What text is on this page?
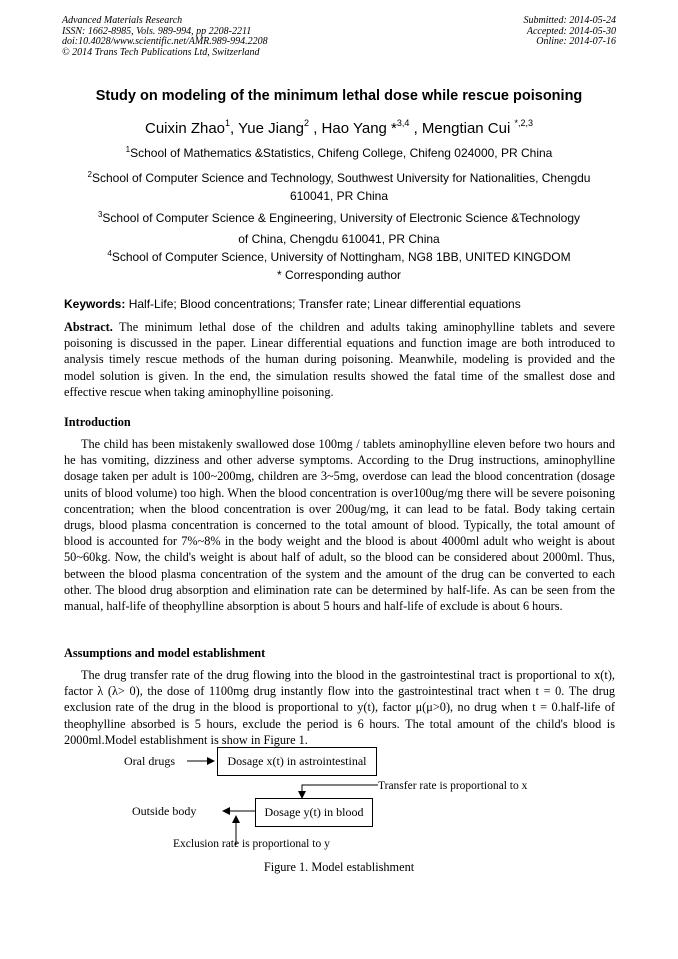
Advanced Materials Research
ISSN: 1662-8985, Vols. 989-994, pp 2208-2211
doi:10.4028/www.scientific.net/AMR.989-994.2208
© 2014 Trans Tech Publications Ltd, Switzerland
Submitted: 2014-05-24
Accepted: 2014-05-30
Online: 2014-07-16
Study on modeling of the minimum lethal dose while rescue poisoning
Cuixin Zhao$^1$, Yue Jiang$^2$ , Hao Yang *$^{3,4}$ , Mengtian Cui $^{*,2,3}$
$^1$School of Mathematics &Statistics, Chifeng College, Chifeng 024000, PR China
$^2$School of Computer Science and Technology, Southwest University for Nationalities, Chengdu
610041, PR China
$^3$School of Computer Science & Engineering, University of Electronic Science &Technology
of China, Chengdu 610041, PR China
$^4$School of Computer Science, University of Nottingham, NG8 1BB, UNITED KINGDOM
* Corresponding author
Keywords: Half-Life; Blood concentrations; Transfer rate; Linear differential equations
Abstract. The minimum lethal dose of the children and adults taking aminophylline tablets and severe poisoning is discussed in the paper. Linear differential equations and function image are both introduced to analysis timely rescue methods of the human during poisoning. Meanwhile, modeling is provided and the model solution is given. In the end, the simulation results showed the fatal time of the smallest dose and effective rescue when taking aminophylline poisoning.
Introduction
The child has been mistakenly swallowed dose 100mg / tablets aminophylline eleven before two hours and he has vomiting, dizziness and other adverse symptoms. According to the Drug instructions, aminophylline dosage taken per adult is 100~200mg, children are 3~5mg, overdose can lead the blood concentration (dosage units of blood volume) too high. When the blood concentration is over100ug/mg there will be severe poisoning concentration; when the blood concentration is over 200ug/mg, it can lead to be fatal. Body taking certain drugs, blood plasma concentration is concerned to the total amount of blood. Typically, the total amount of blood is accounted for 7%~8% in the body weight and the blood is about 4000ml adult who weight is about 50~60kg. Now, the child's weight is about half of adult, so the blood can be considered about 2000ml. Thus, between the blood plasma concentration of the system and the amount of the drug can be converted to each other. The blood drug absorption and elimination rate can be determined by half-life. As can be seen from the manual, half-life of theophylline absorption is about 5 hours and half-life of exclude is about 6 hours.
Assumptions and model establishment
The drug transfer rate of the drug flowing into the blood in the gastrointestinal tract is proportional to x(t), factor λ (λ> 0), the dose of 1100mg drug instantly flow into the gastrointestinal tract when t = 0. The drug exclusion rate of the drug in the blood is proportional to y(t), factor μ(μ>0), no drug when t = 0.half-life of theophylline absorbed is 5 hours, exclude the period is 6 hours. The total amount of the child's blood is 2000ml.Model establishment is show in Figure 1.
Oral drugs	Dosage x(t) in astrointestinal
Transfer rate is proportional to x
Outside body	Dosage y(t) in blood
Exclusion rate is proportional to y
Figure 1. Model establishment
